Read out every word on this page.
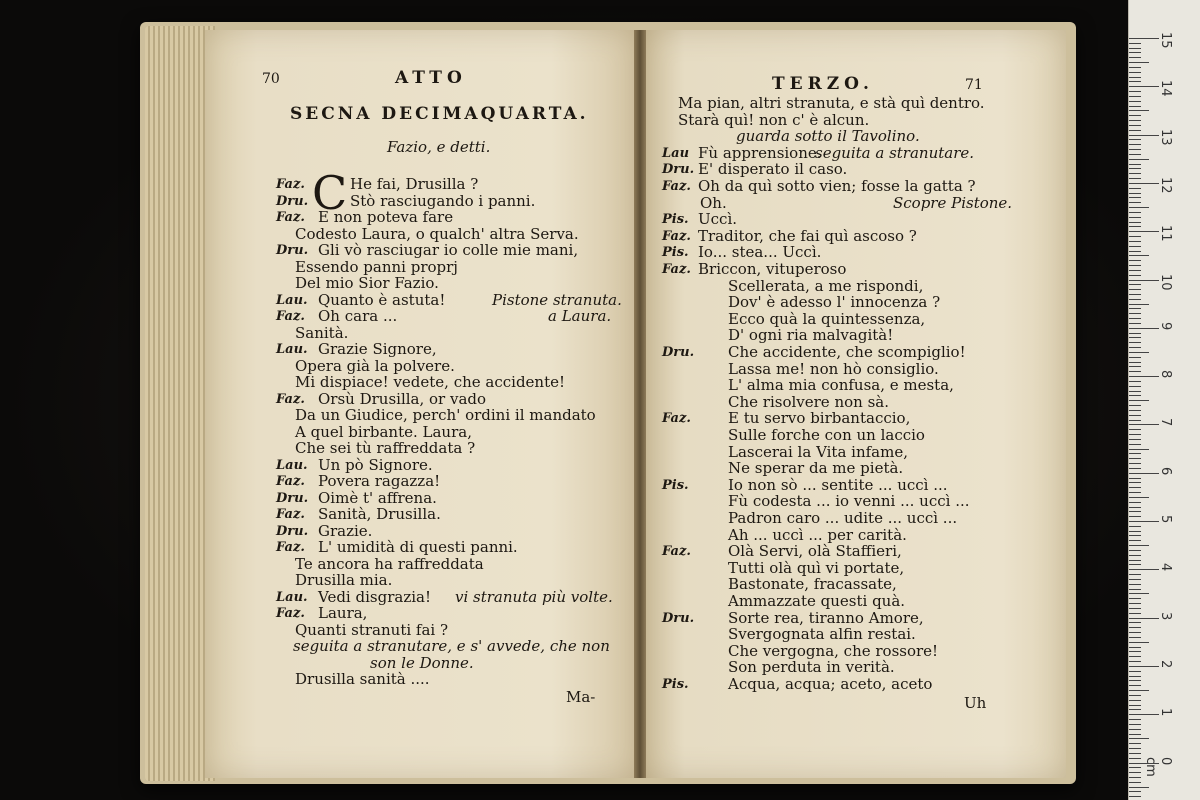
15
14
13
12
11
10
9
8
7
6
5
4
3
2
1
0 cm
70	ATTO
SECNA DECIMAQUARTA.
Fazio, e detti.
C
Faz.	He fai, Drusilla ?
Dru.	Stò rasciugando i panni.
Faz. E non poteva fare
Codesto Laura, o qualch' altra Serva.
Dru. Gli vò rasciugar io colle mie mani,
Essendo panni proprj
Del mio Sior Fazio.
Lau. Quanto è astuta!	Pistone stranuta.
Faz. Oh cara ...	a Laura.
Sanità.
Lau. Grazie Signore,
Opera già la polvere.
Mi dispiace! vedete, che accidente!
Faz. Orsù Drusilla, or vado
Da un Giudice, perch' ordini il mandato
A quel birbante. Laura,
Che sei tù raffreddata ?
Lau. Un pò Signore.
Faz. Povera ragazza!
Dru. Oimè t' affrena.
Faz. Sanità, Drusilla.
Dru. Grazie.
Faz. L' umidità di questi panni.
Te ancora ha raffreddata
Drusilla mia.
Lau. Vedi disgrazia! vi stranuta più volte.
Faz. Laura,
Quanti stranuti fai ?
seguita a stranutare, e s' avvede, che non
son le Donne.
Drusilla sanità ....
Ma-
TERZO.	71
Ma pian, altri stranuta, e stà quì dentro.
Starà quì! non c' è alcun.
guarda sotto il Tavolino.
Lau Fù apprensione.
seguita a stranutare.
Dru. E' disperato il caso.
Faz. Oh da quì sotto vien; fosse la gatta ?
Oh.	Scopre Pistone.
Pis. Uccì.
Faz. Traditor, che fai quì ascoso ?
Pis. Io... stea... Uccì.
Faz. Briccon, vituperoso
Scellerata, a me rispondi,
Dov' è adesso l' innocenza ?
Ecco quà la quintessenza,
D' ogni ria malvagità!
Dru. Che accidente, che scompiglio!
Lassa me! non hò consiglio.
L' alma mia confusa, e mesta,
Che risolvere non sà.
Faz. E tu servo birbantaccio,
Sulle forche con un laccio
Lascerai la Vita infame,
Ne sperar da me pietà.
Pis.	Io non sò ... sentite ... uccì ...
Fù codesta ... io venni ... uccì ...
Padron caro ... udite ... uccì ...
Ah ... uccì ... per carità.
Faz. Olà Servi, olà Staffieri,
Tutti olà quì vi portate,
Bastonate, fracassate,
Ammazzate questi quà.
Dru. Sorte rea, tiranno Amore,
Svergognata alfin restai.
Che vergogna, che rossore!
Son perduta in verità.
Pis.	Acqua, acqua; aceto, aceto
Uh
